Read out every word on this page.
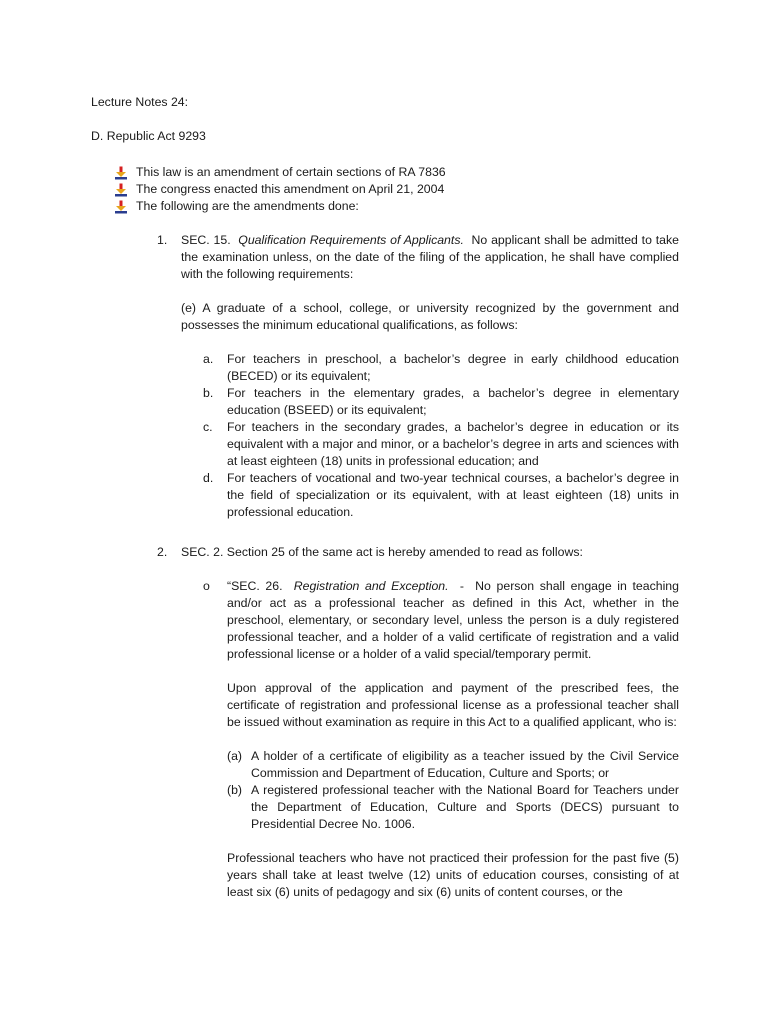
Lecture Notes 24:

D. Republic Act 9293

This law is an amendment of certain sections of RA 7836
The congress enacted this amendment on April 21, 2004
The following are the amendments done:
1.	SEC. 15. Qualification Requirements of Applicants. No applicant shall be admitted to take the examination unless, on the date of the filing of the application, he shall have complied with the following requirements:

(e) A graduate of a school, college, or university recognized by the government and possesses the minimum educational qualifications, as follows:

a.	For teachers in preschool, a bachelor’s degree in early childhood education (BECED) or its equivalent;
b.	For teachers in the elementary grades, a bachelor’s degree in elementary education (BSEED) or its equivalent;
c.	For teachers in the secondary grades, a bachelor’s degree in education or its equivalent with a major and minor, or a bachelor’s degree in arts and sciences with at least eighteen (18) units in professional education; and
d.	For teachers of vocational and two-year technical courses, a bachelor’s degree in the field of specialization or its equivalent, with at least eighteen (18) units in professional education.
2.	SEC. 2. Section 25 of the same act is hereby amended to read as follows:

o	“SEC. 26. Registration and Exception. - No person shall engage in teaching and/or act as a professional teacher as defined in this Act, whether in the preschool, elementary, or secondary level, unless the person is a duly registered professional teacher, and a holder of a valid certificate of registration and a valid professional license or a holder of a valid special/temporary permit.

Upon approval of the application and payment of the prescribed fees, the certificate of registration and professional license as a professional teacher shall be issued without examination as require in this Act to a qualified applicant, who is:

(a) A holder of a certificate of eligibility as a teacher issued by the Civil Service Commission and Department of Education, Culture and Sports; or
(b) A registered professional teacher with the National Board for Teachers under the Department of Education, Culture and Sports (DECS) pursuant to Presidential Decree No. 1006.

Professional teachers who have not practiced their profession for the past five (5) years shall take at least twelve (12) units of education courses, consisting of at least six (6) units of pedagogy and six (6) units of content courses, or the
